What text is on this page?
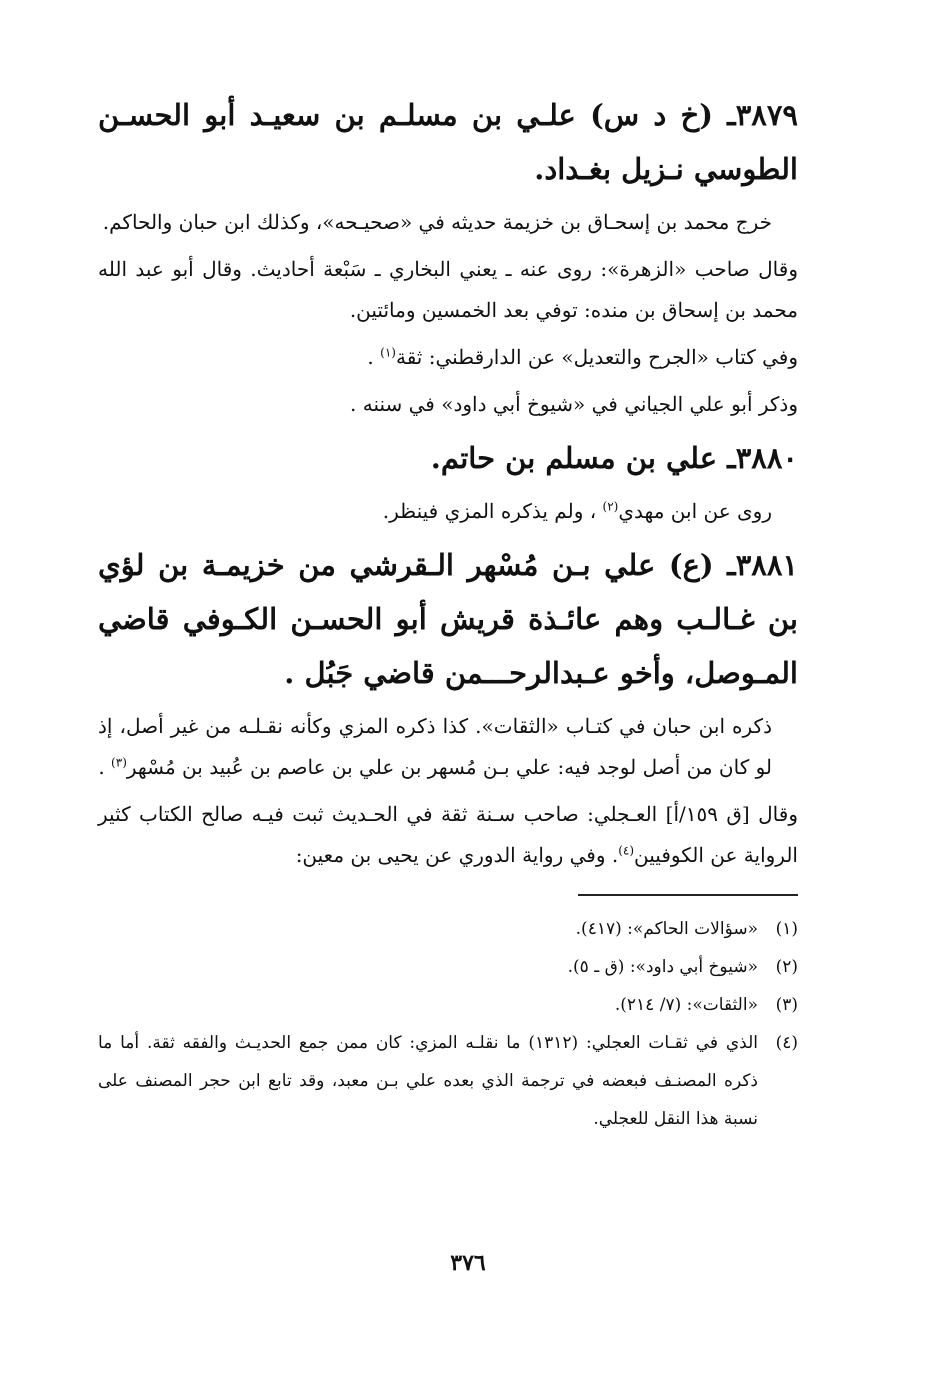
٣٨٧٩ـ (خ د س) علـي بن مسلـم بن سعيـد أبو الحسـن الطوسي نـزيل بغـداد.

خرج محمد بن إسحـاق بن خزيمة حديثه في «صحيـحه»، وكذلك ابن حبان والحاكم.

وقال صاحب «الزهرة»: روى عنه ـ يعني البخاري ـ سَبْعة أحاديث. وقال أبو عبد الله محمد بن إسحاق بن منده: توفي بعد الخمسين ومائتين.

وفي كتاب «الجرح والتعديل» عن الدارقطني: ثقة$^{(١)}$ .

وذكر أبو علي الجياني في «شيوخ أبي داود» في سننه .

٣٨٨٠ـ علي بن مسلم بن حاتم.

روى عن ابن مهدي$^{(٢)}$ ، ولم يذكره المزي فينظر.

٣٨٨١ـ (ع) علي بـن مُسْهر الـقرشي من خزيمـة بن لؤي بن غـالـب وهم عائـذة قريش أبو الحسـن الكـوفي قاضي المـوصل، وأخو عـبدالرحـــمن قاضي جَبُل .

ذكره ابن حبان في كتـاب «الثقات». كذا ذكره المزي وكأنه نقـلـه من غير أصل، إذ لو كان من أصل لوجد فيه: علي بـن مُسهر بن علي بن عاصم بن عُبيد بن مُسْهر$^{(٣)}$ .

وقال [ق ١٥٩/أ] العـجلي: صاحب سـنة ثقة في الحـديث ثبت فيـه صالح الكتاب كثير الرواية عن الكوفيين$^{(٤)}$. وفي رواية الدوري عن يحيى بن معين:

(١)
«سؤالات الحاكم»: (٤١٧).
(٢)
«شيوخ أبي داود»: (ق ـ ٥).
(٣)
«الثقات»: (٧/ ٢١٤).
(٤)
الذي في ثقـات العجلي: (١٣١٢) ما نقلـه المزي: كان ممن جمع الحديـث والفقه ثقة. أما ما ذكره المصنـف فبعضه في ترجمة الذي بعده علي بـن معبد، وقد تابع ابن حجر المصنف على نسبة هذا النقل للعجلي.
٣٧٦
